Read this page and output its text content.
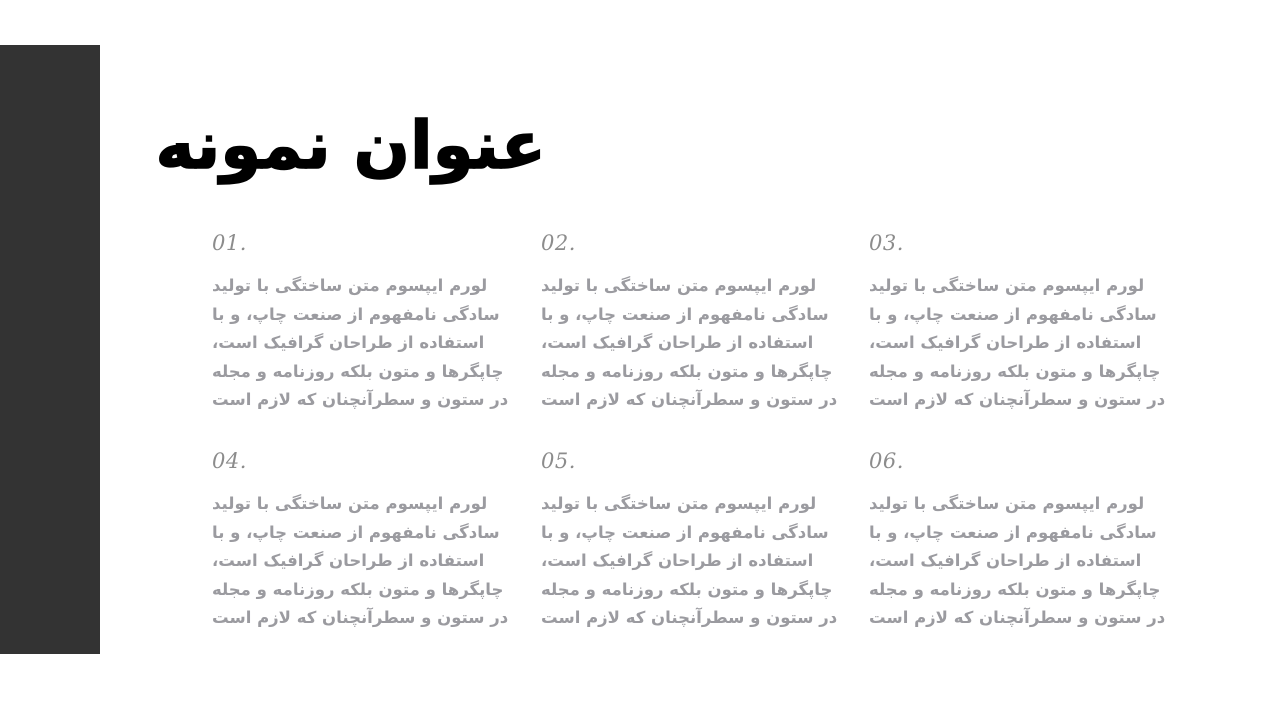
عنوان نمونه
01.
لورم ایپسوم متن ساختگی با تولید
سادگی نامفهوم از صنعت چاپ، و با
استفاده از طراحان گرافیک است،
چاپگرها و متون بلکه روزنامه و مجله
در ستون و سطرآنچنان که لازم است
02.
لورم ایپسوم متن ساختگی با تولید
سادگی نامفهوم از صنعت چاپ، و با
استفاده از طراحان گرافیک است،
چاپگرها و متون بلکه روزنامه و مجله
در ستون و سطرآنچنان که لازم است
03.
لورم ایپسوم متن ساختگی با تولید
سادگی نامفهوم از صنعت چاپ، و با
استفاده از طراحان گرافیک است،
چاپگرها و متون بلکه روزنامه و مجله
در ستون و سطرآنچنان که لازم است
04.
لورم ایپسوم متن ساختگی با تولید
سادگی نامفهوم از صنعت چاپ، و با
استفاده از طراحان گرافیک است،
چاپگرها و متون بلکه روزنامه و مجله
در ستون و سطرآنچنان که لازم است
05.
لورم ایپسوم متن ساختگی با تولید
سادگی نامفهوم از صنعت چاپ، و با
استفاده از طراحان گرافیک است،
چاپگرها و متون بلکه روزنامه و مجله
در ستون و سطرآنچنان که لازم است
06.
لورم ایپسوم متن ساختگی با تولید
سادگی نامفهوم از صنعت چاپ، و با
استفاده از طراحان گرافیک است،
چاپگرها و متون بلکه روزنامه و مجله
در ستون و سطرآنچنان که لازم است
